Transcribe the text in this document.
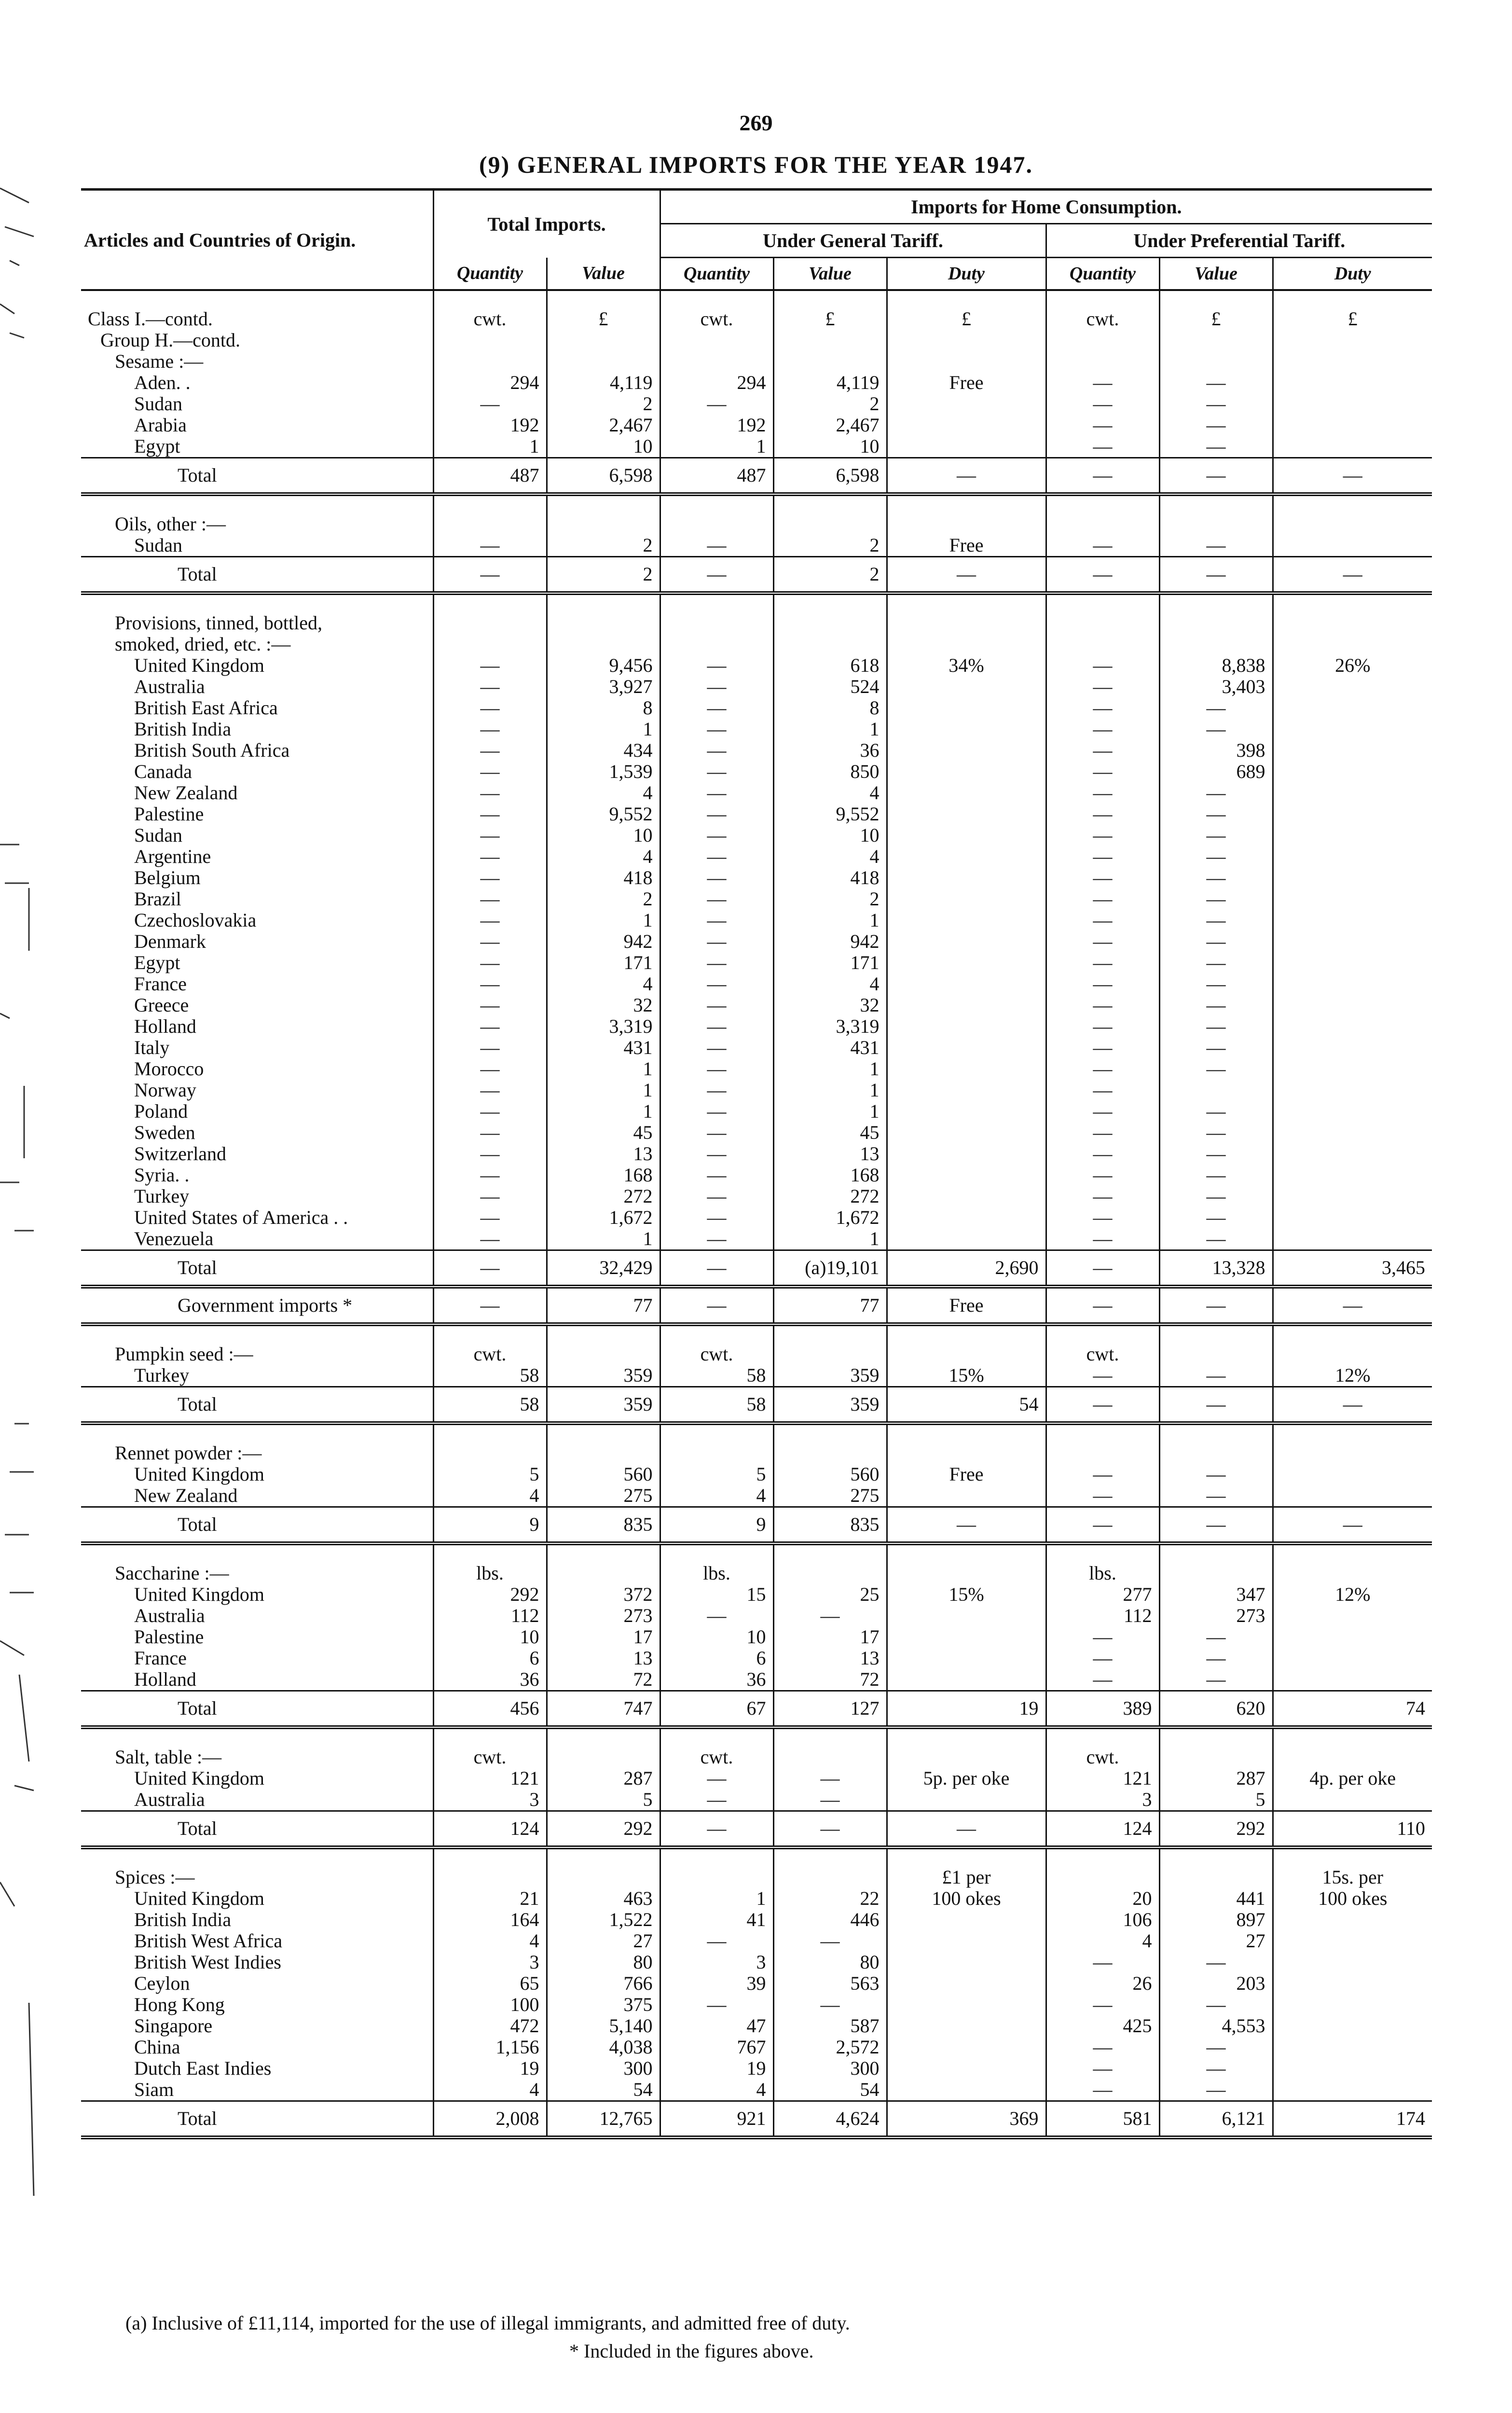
269
(9) GENERAL IMPORTS FOR THE YEAR 1947.
Articles and Countries of Origin.	Total Imports.		Imports for Home Consumption.					
			Under General Tariff.			Under Preferential Tariff.		
	Quantity	Value	Quantity	Value	Duty	Quantity	Value	Duty

Class I.—contd.	cwt.	£	cwt.	£	£	cwt.	£	£
Group H.—contd.								
Sesame :—								
Aden. .	294	4,119	294	4,119	Free	—	—	
Sudan	—	2	—	2		—	—	
Arabia	192	2,467	192	2,467		—	—	
Egypt	1	10	1	10		—	—	
Total	487	6,598	487	6,598	—	—	—	—

Oils, other :—								
Sudan	—	2	—	2	Free	—	—	
Total	—	2	—	2	—	—	—	—

Provisions, tinned, bottled,								
smoked, dried, etc. :—								
United Kingdom	—	9,456	—	618	34%	—	8,838	26%
Australia	—	3,927	—	524		—	3,403	
British East Africa	—	8	—	8		—	—	
British India	—	1	—	1		—	—	
British South Africa	—	434	—	36		—	398	
Canada	—	1,539	—	850		—	689	
New Zealand	—	4	—	4		—	—	
Palestine	—	9,552	—	9,552		—	—	
Sudan	—	10	—	10		—	—	
Argentine	—	4	—	4		—	—	
Belgium	—	418	—	418		—	—	
Brazil	—	2	—	2		—	—	
Czechoslovakia	—	1	—	1		—	—	
Denmark	—	942	—	942		—	—	
Egypt	—	171	—	171		—	—	
France	—	4	—	4		—	—	
Greece	—	32	—	32		—	—	
Holland	—	3,319	—	3,319		—	—	
Italy	—	431	—	431		—	—	
Morocco	—	1	—	1		—	—	
Norway	—	1	—	1		—		
Poland	—	1	—	1		—	—	
Sweden	—	45	—	45		—	—	
Switzerland	—	13	—	13		—	—	
Syria. .	—	168	—	168		—	—	
Turkey	—	272	—	272		—	—	
United States of America . .	—	1,672	—	1,672		—	—	
Venezuela	—	1	—	1		—	—	
Total	—	32,429	—	(a)19,101	2,690	—	13,328	3,465
Government imports *	—	77	—	77	Free	—	—	—

Pumpkin seed :—	cwt.		cwt.			cwt.		
Turkey	58	359	58	359	15%	—	—	12%
Total	58	359	58	359	54	—	—	—

Rennet powder :—								
United Kingdom	5	560	5	560	Free	—	—	
New Zealand	4	275	4	275		—	—	
Total	9	835	9	835	—	—	—	—

Saccharine :—	lbs.		lbs.			lbs.		
United Kingdom	292	372	15	25	15%	277	347	12%
Australia	112	273	—	—		112	273	
Palestine	10	17	10	17		—	—	
France	6	13	6	13		—	—	
Holland	36	72	36	72		—	—	
Total	456	747	67	127	19	389	620	74

Salt, table :—	cwt.		cwt.			cwt.		
United Kingdom	121	287	—	—	5p. per oke	121	287	4p. per oke
Australia	3	5	—	—		3	5	
Total	124	292	—	—	—	124	292	110

Spices :—					£1 per			15s. per
United Kingdom	21	463	1	22	100 okes	20	441	100 okes
British India	164	1,522	41	446		106	897	
British West Africa	4	27	—	—		4	27	
British West Indies	3	80	3	80		—	—	
Ceylon	65	766	39	563		26	203	
Hong Kong	100	375	—	—		—	—	
Singapore	472	5,140	47	587		425	4,553	
China	1,156	4,038	767	2,572		—	—	
Dutch East Indies	19	300	19	300		—	—	
Siam	4	54	4	54		—	—	
Total	2,008	12,765	921	4,624	369	581	6,121	174
(a) Inclusive of £11,114, imported for the use of illegal immigrants, and admitted free of duty.
* Included in the figures above.
